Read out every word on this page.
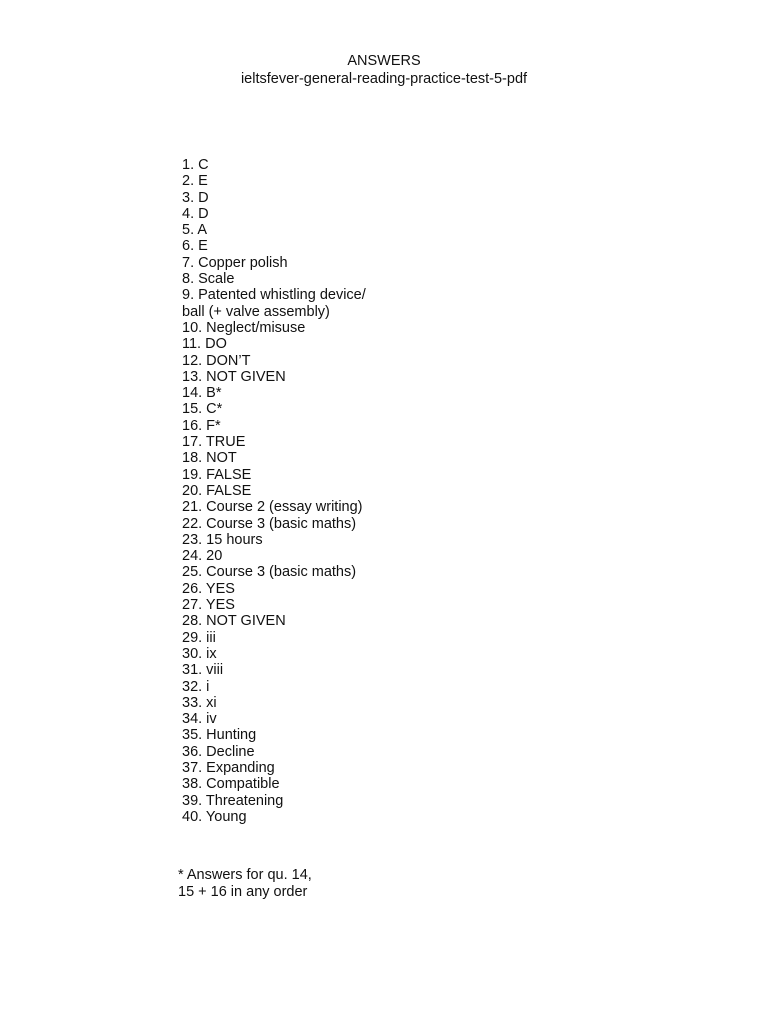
ANSWERS
ieltsfever-general-reading-practice-test-5-pdf
1. C
2. E
3. D
4. D
5. A
6. E
7. Copper polish
8. Scale
9. Patented whistling device/
ball (+ valve assembly)
10. Neglect/misuse
11. DO
12. DON’T
13. NOT GIVEN
14. B*
15. C*
16. F*
17. TRUE
18. NOT
19. FALSE
20. FALSE
21. Course 2 (essay writing)
22. Course 3 (basic maths)
23. 15 hours
24. 20
25. Course 3 (basic maths)
26. YES
27. YES
28. NOT GIVEN
29. iii
30. ix
31. viii
32. i
33. xi
34. iv
35. Hunting
36. Decline
37. Expanding
38. Compatible
39. Threatening
40. Young
* Answers for qu. 14,
15 + 16 in any order
